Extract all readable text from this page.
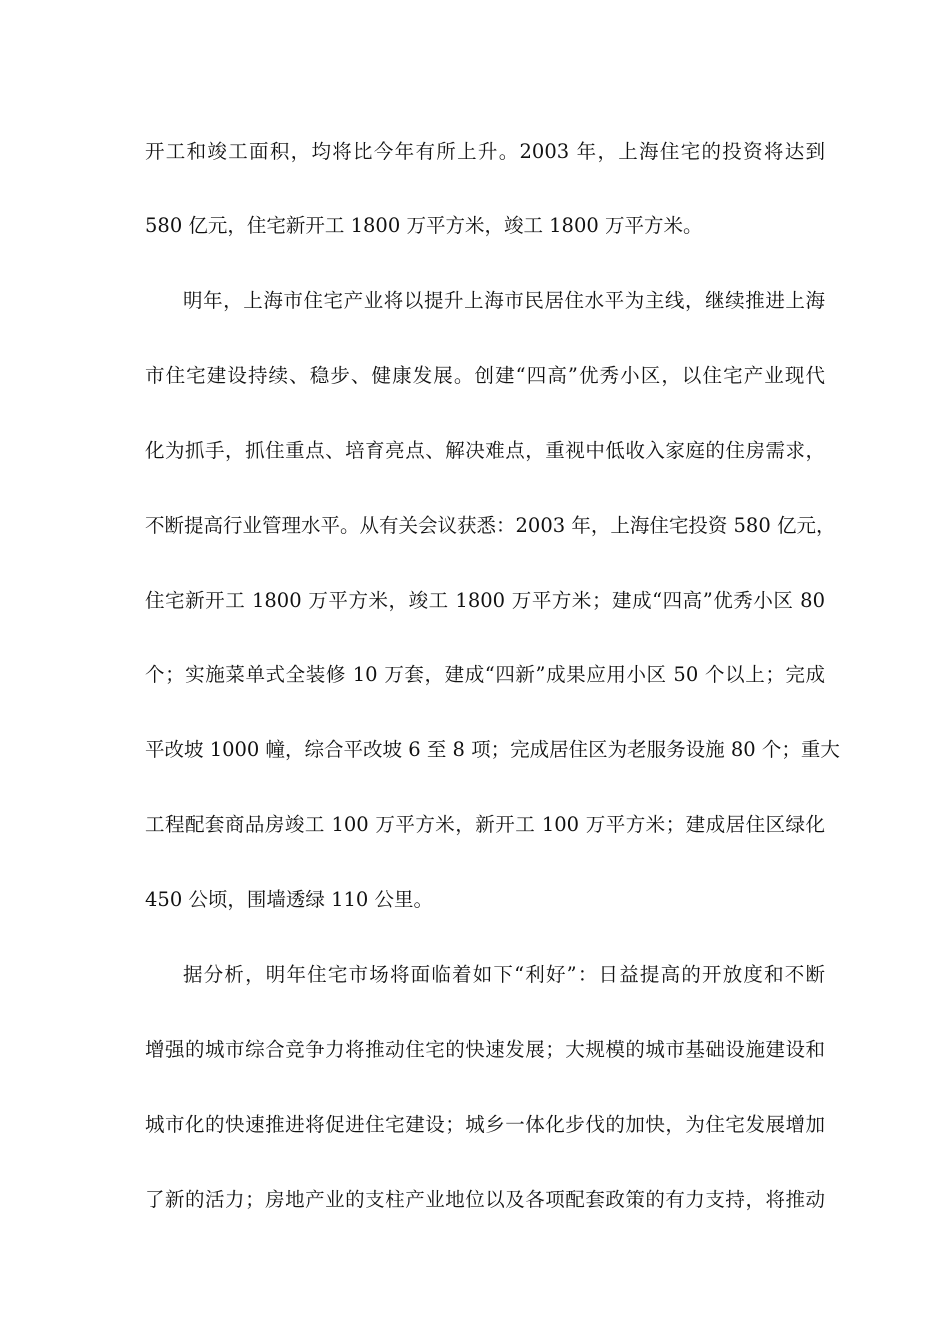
开工和竣工面积，均将比今年有所上升。2003 年，上海住宅的投资将达到
580 亿元，住宅新开工 1800 万平方米，竣工 1800 万平方米。
明年，上海市住宅产业将以提升上海市民居住水平为主线，继续推进上海
市住宅建设持续、稳步、健康发展。创建“四高”优秀小区，以住宅产业现代
化为抓手，抓住重点、培育亮点、解决难点，重视中低收入家庭的住房需求，
不断提高行业管理水平。从有关会议获悉：2003 年，上海住宅投资 580 亿元，
住宅新开工 1800 万平方米，竣工 1800 万平方米；建成“四高”优秀小区 80
个；实施菜单式全装修 10 万套，建成“四新”成果应用小区 50 个以上；完成
平改坡 1000 幢，综合平改坡 6 至 8 项；完成居住区为老服务设施 80 个；重大
工程配套商品房竣工 100 万平方米，新开工 100 万平方米；建成居住区绿化
450 公顷，围墙透绿 110 公里。
据分析，明年住宅市场将面临着如下“利好”：日益提高的开放度和不断
增强的城市综合竞争力将推动住宅的快速发展；大规模的城市基础设施建设和
城市化的快速推进将促进住宅建设；城乡一体化步伐的加快，为住宅发展增加
了新的活力；房地产业的支柱产业地位以及各项配套政策的有力支持，将推动
